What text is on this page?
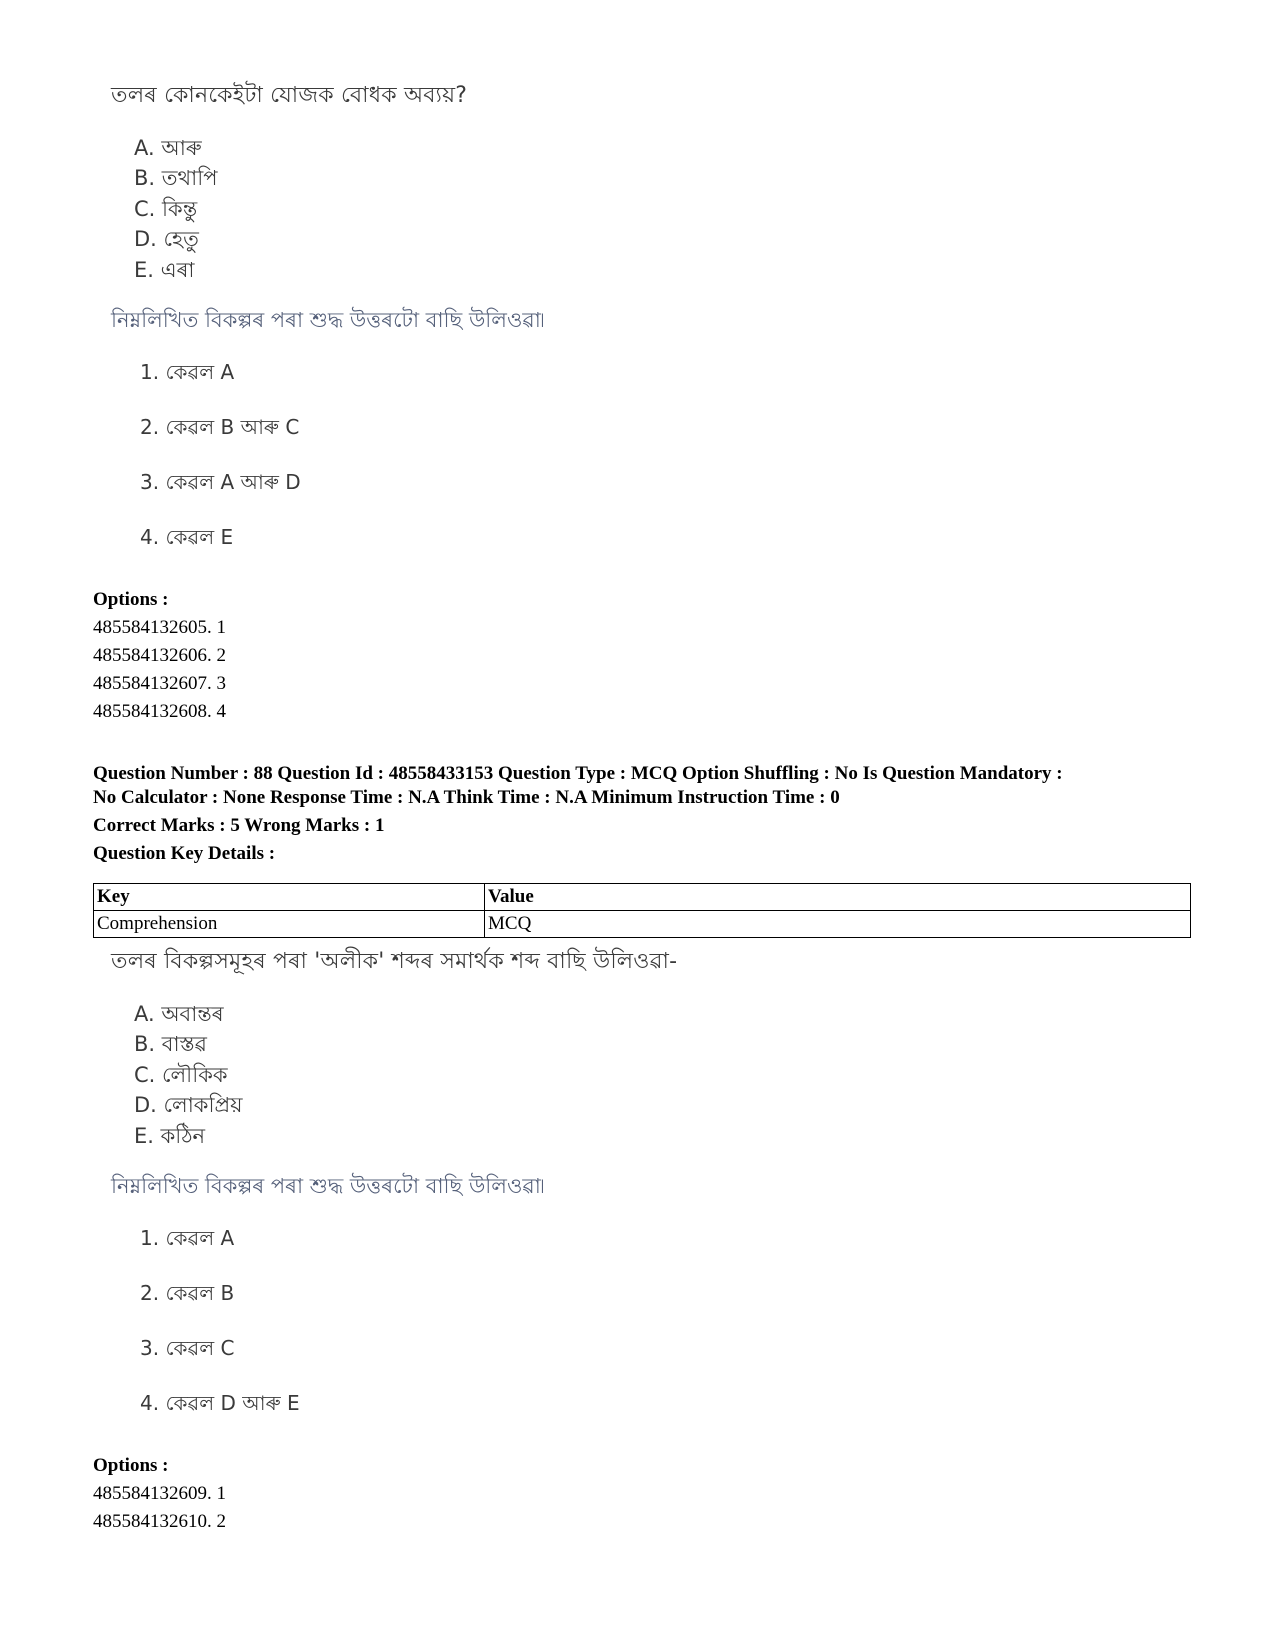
তলৰ কোনকেইটা যোজক বোধক অব্যয়?
A. আৰু
B. তথাপি
C. কিন্তু
D. হেতু
E. এৰা
নিম্নলিখিত বিকল্পৰ পৰা শুদ্ধ উত্তৰটো বাছি উলিওৱা৷
1. কেৱল A
2. কেৱল B আৰু C
3. কেৱল A আৰু D
4. কেৱল E
Options :
485584132605. 1
485584132606. 2
485584132607. 3
485584132608. 4
Question Number : 88 Question Id : 48558433153 Question Type : MCQ Option Shuffling : No Is Question Mandatory :
No Calculator : None Response Time : N.A Think Time : N.A Minimum Instruction Time : 0
Correct Marks : 5 Wrong Marks : 1
Question Key Details :
Key	Value
Comprehension	MCQ
তলৰ বিকল্পসমূহৰ পৰা 'অলীক' শব্দৰ সমাৰ্থক শব্দ বাছি উলিওৱা-
A. অবান্তৰ
B. বাস্তৱ
C. লৌকিক
D. লোকপ্ৰিয়
E. কঠিন
নিম্নলিখিত বিকল্পৰ পৰা শুদ্ধ উত্তৰটো বাছি উলিওৱা৷
1. কেৱল A
2. কেৱল B
3. কেৱল C
4. কেৱল D আৰু E
Options :
485584132609. 1
485584132610. 2
